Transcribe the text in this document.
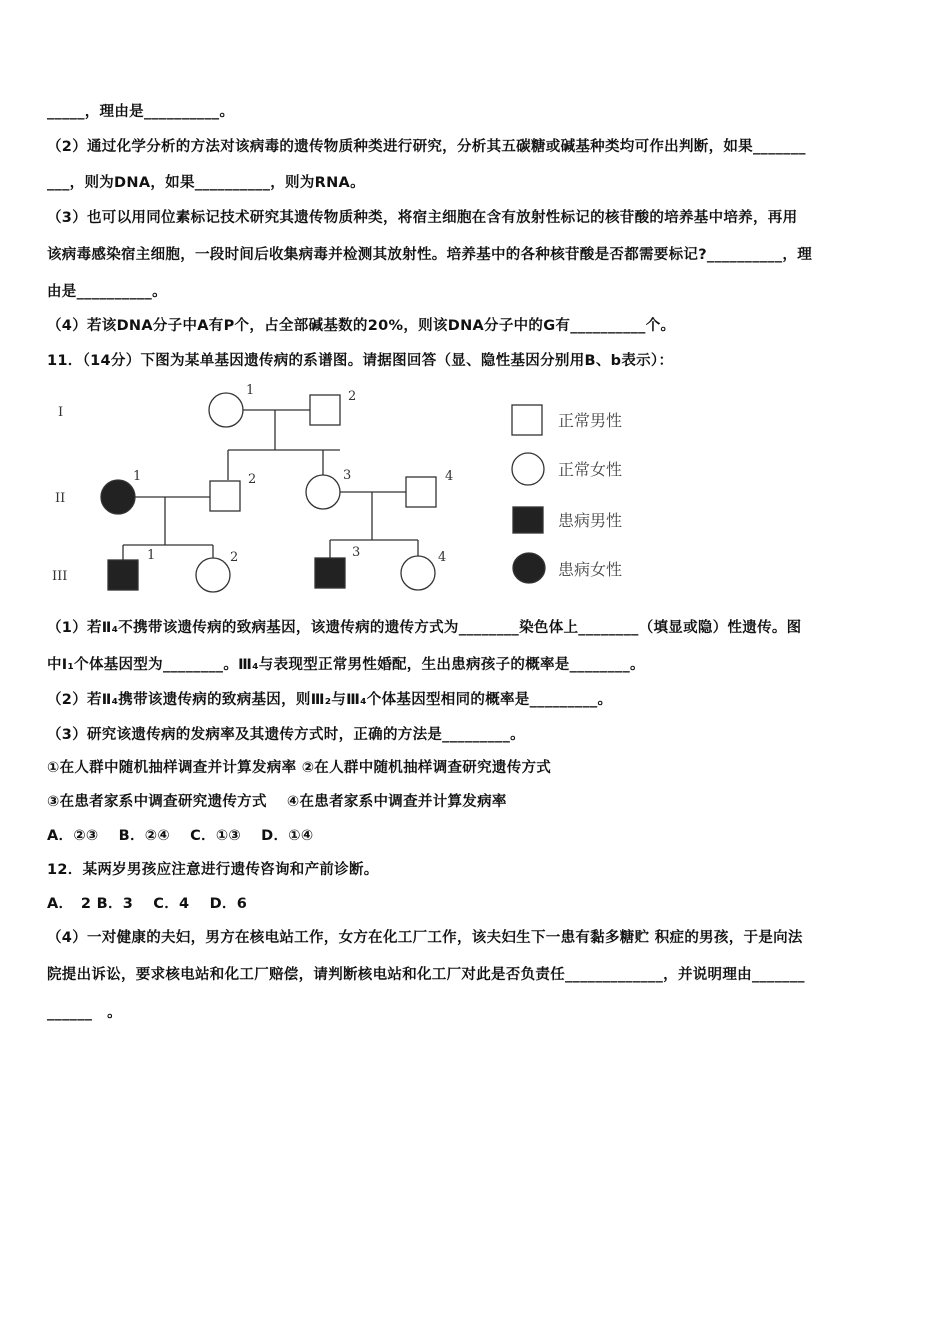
_____，理由是__________。
（2）通过化学分析的方法对该病毒的遗传物质种类进行研究，分析其五碳糖或碱基种类均可作出判断，如果_______
___，则为DNA，如果__________，则为RNA。
（3）也可以用同位素标记技术研究其遗传物质种类，将宿主细胞在含有放射性标记的核苷酸的培养基中培养，再用
该病毒感染宿主细胞，一段时间后收集病毒并检测其放射性。培养基中的各种核苷酸是否都需要标记?__________，理
由是__________。
（4）若该DNA分子中A有P个，占全部碱基数的20%，则该DNA分子中的G有__________个。
11．（14分）下图为某单基因遗传病的系谱图。请据图回答（显、隐性基因分别用B、b表示）：
I
II
III
1	2
1	2	3	4
1	2	3	4
正常男性
正常女性
患病男性
患病女性
（1）若Ⅱ₄不携带该遗传病的致病基因，该遗传病的遗传方式为________染色体上________（填显或隐）性遗传。图
中Ⅰ₁个体基因型为________。Ⅲ₄与表现型正常男性婚配，生出患病孩子的概率是________。
（2）若Ⅱ₄携带该遗传病的致病基因，则Ⅲ₂与Ⅲ₄个体基因型相同的概率是_________。
（3）研究该遗传病的发病率及其遗传方式时，正确的方法是_________。
①在人群中随机抽样调查并计算发病率 ②在人群中随机抽样调查研究遗传方式
③在患者家系中调查研究遗传方式　 ④在患者家系中调查并计算发病率
A．②③　 B．②④　 C．①③　 D．①④
12．某两岁男孩应注意进行遗传咨询和产前诊断。
A．　2 B．3　 C．4　 D．6
（4）一对健康的夫妇，男方在核电站工作，女方在化工厂工作，该夫妇生下一患有黏多糖贮 积症的男孩，于是向法
院提出诉讼，要求核电站和化工厂赔偿，请判断核电站和化工厂对此是否负责任_____________，并说明理由_______
______　。
